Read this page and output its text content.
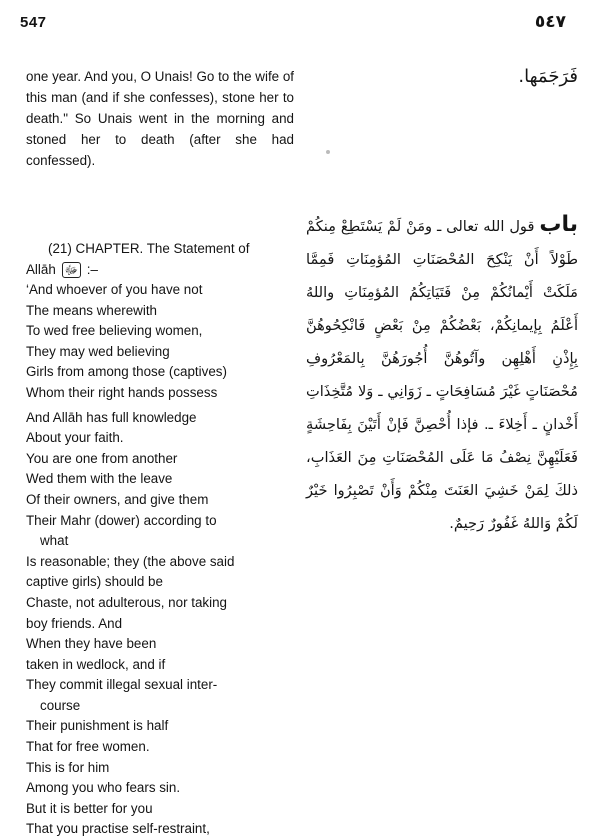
547	٥٤٧

one year. And you, O Unais! Go to the wife of this man (and if she confesses), stone her to death." So Unais went in the morning and stoned her to death (after she had confessed).

فَرَجَمَها.

(21) CHAPTER. The Statement of
Allāh ﷻ :–

‘And whoever of you have not
The means wherewith
To wed free believing women,
They may wed believing
Girls from among those (captives)
Whom their right hands possess
And Allāh has full knowledge
About your faith.
You are one from another
Wed them with the leave
Of their owners, and give them
Their Mahr (dower) according to
what
Is reasonable; they (the above said
captive girls) should be
Chaste, not adulterous, nor taking
boy friends. And
When they have been
taken in wedlock, and if
They commit illegal sexual inter-
course
Their punishment is half
That for free women.
This is for him
Among you who fears sin.
But it is better for you
That you practise self-restraint,
باب قول الله تعالى ـ ومَنْ لَمْ يَسْتَطِعْ مِنكُمْ طَوْلاً أَنْ يَنْكِحَ المُحْصَنَاتِ المُؤمِنَاتِ فَمِمَّا مَلَكَتْ أَيْمانُكُمْ مِنْ فَتَيَاتِكُمُ المُؤمِنَاتِ واللهُ أَعْلَمُ بِإيمانِكُمْ، بَعْضُكُمْ مِنْ بَعْضٍ فَانْكِحُوهُنَّ بِإِذْنِ أَهْلِهِن وآتُوهُنَّ أُجُورَهُنَّ بِالمَعْرُوفِ مُحْصَنَاتٍ غَيْرَ مُسَافِحَاتٍ ـ زَوَانِي ـ وَلا مُتَّخِذَاتِ أَخْدانٍ ـ أَخِلاءَ ـ. فإذا أُحْصِنَّ فَإنْ أَتَيْنَ بِفَاحِشَةٍ فَعَلَيْهِنَّ نِصْفُ مَا عَلَى المُحْصَنَاتِ مِنَ العَذَابِ، ذلكَ لِمَنْ خَشِيَ العَنَتَ مِنْكُمْ وَأَنْ تَصْبِرُوا خَيْرٌ لَكُمْ وَاللهُ غَفُورٌ رَحِيمٌ.
